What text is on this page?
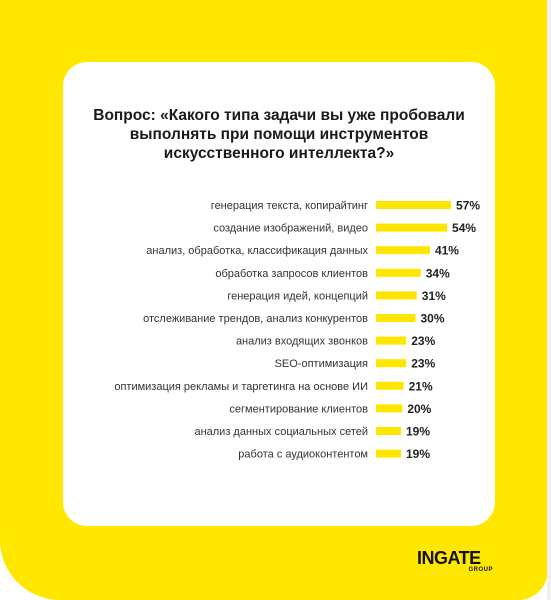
Вопрос: «Какого типа задачи вы уже пробовали выполнять при помощи инструментов искусственного интеллекта?»
генерация текста, копирайтинг	57%
создание изображений, видео	54%
анализ, обработка, классификация данных	41%
обработка запросов клиентов	34%
генерация идей, концепций	31%
отслеживание трендов, анализ конкурентов	30%
анализ входящих звонков	23%
SEO-оптимизация	23%
оптимизация рекламы и таргетинга на основе ИИ	21%
сегментирование клиентов	20%
анализ данных социальных сетей	19%
работа с аудиоконтентом	19%
INGATE
GROUP
